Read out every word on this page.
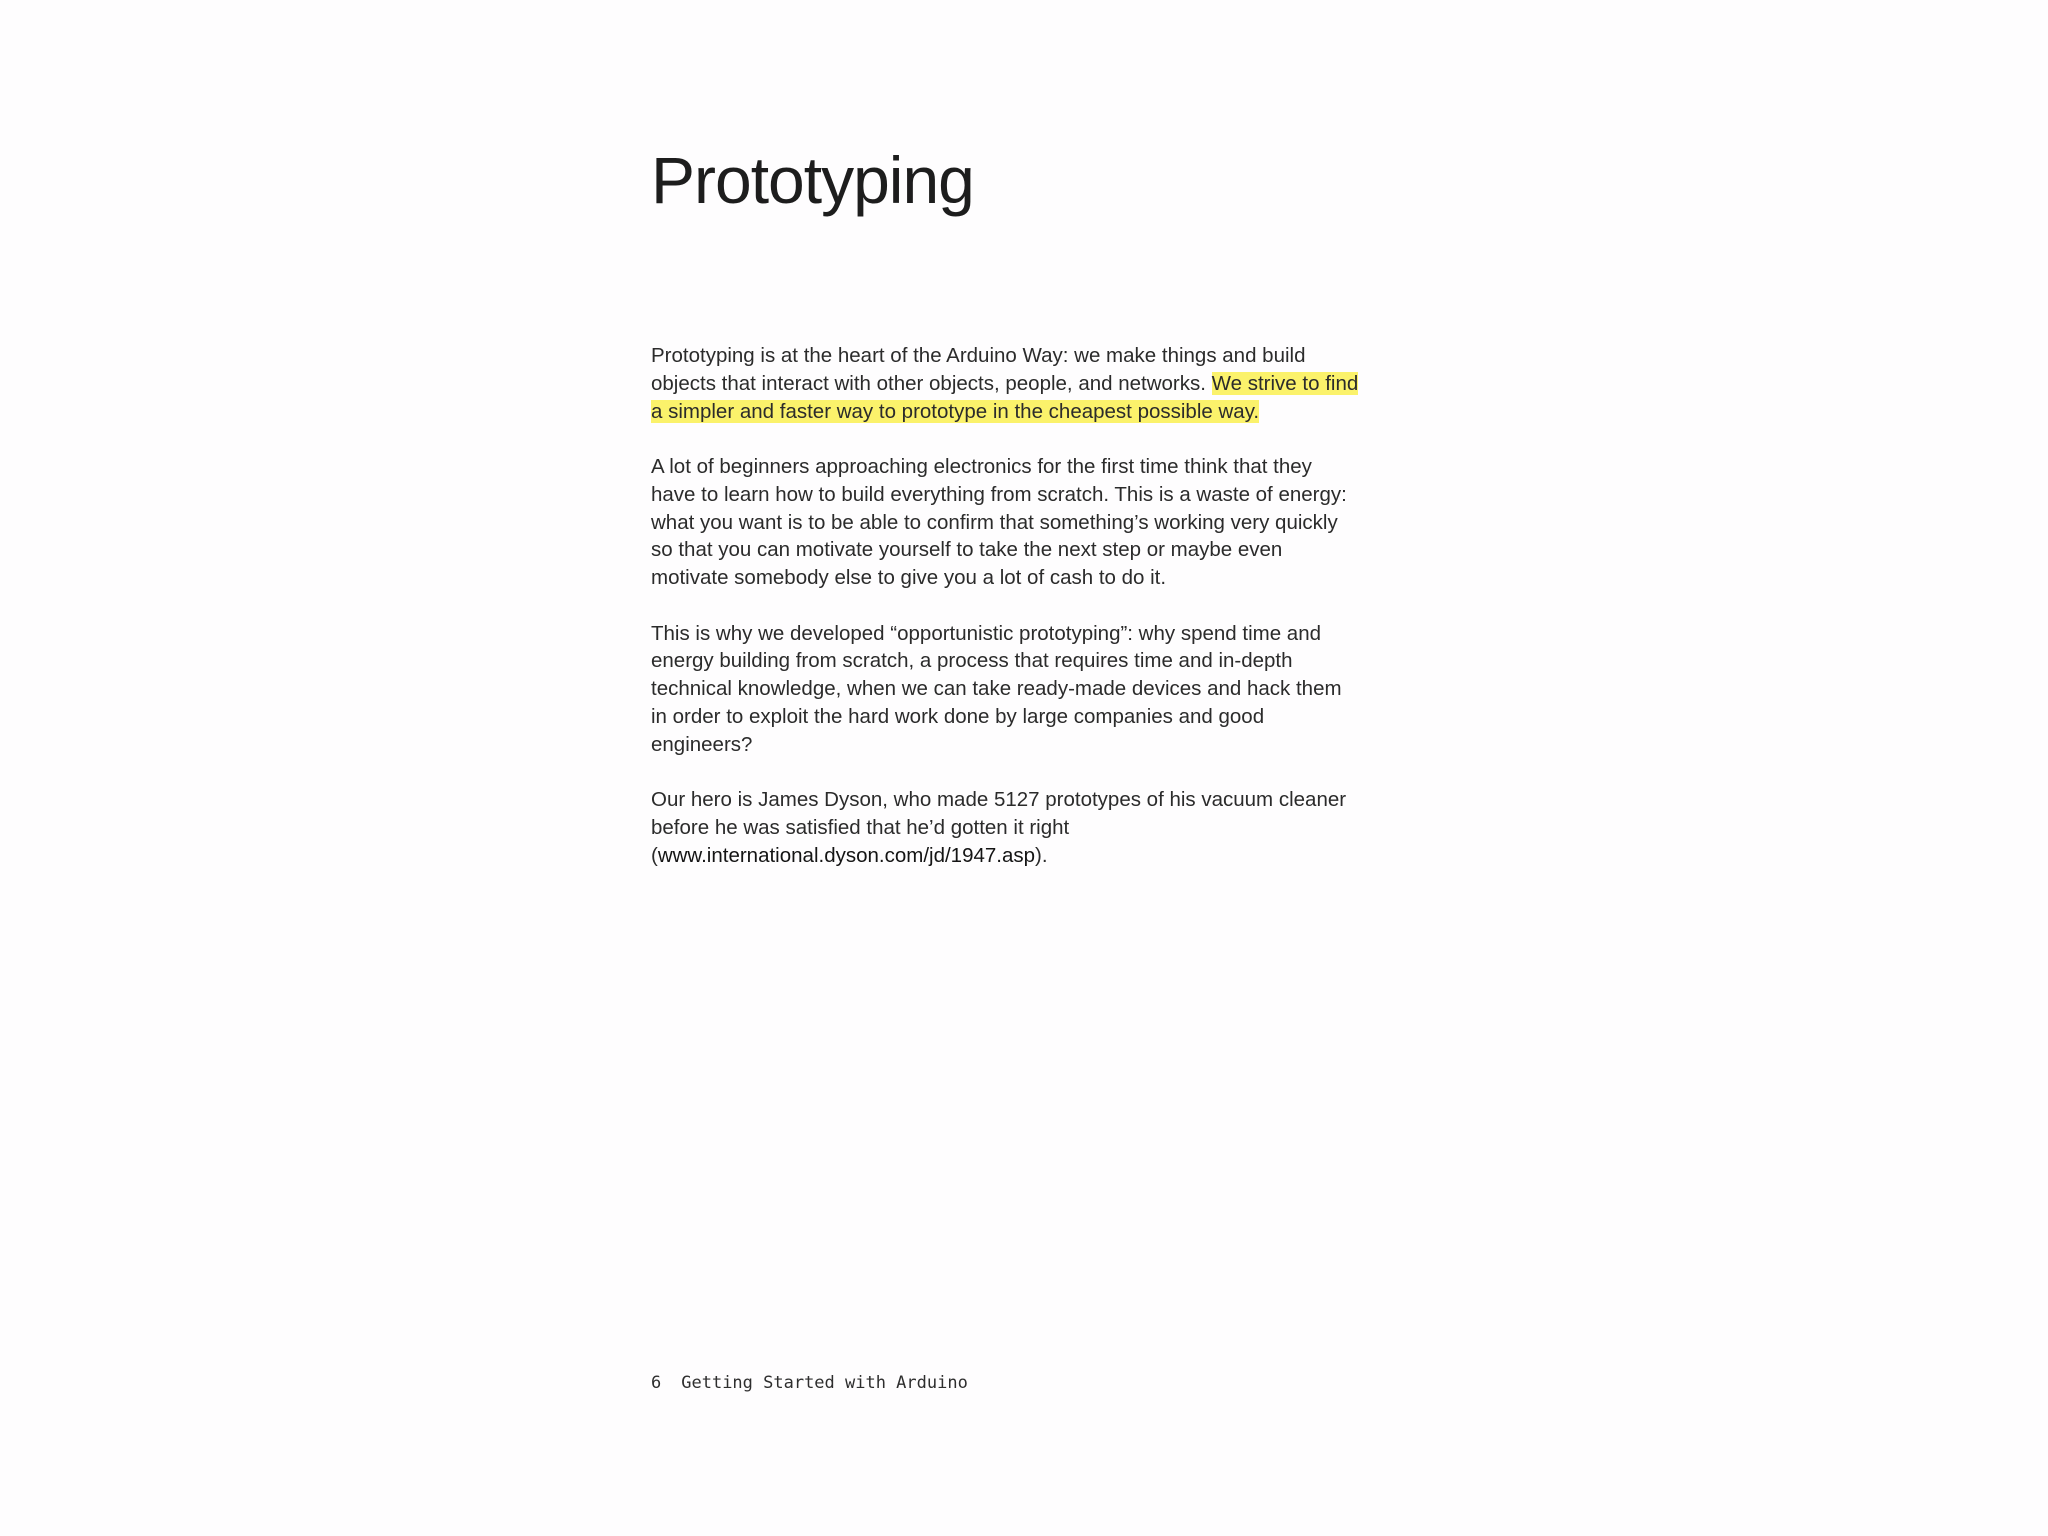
Prototyping

Prototyping is at the heart of the Arduino Way: we make things and build objects that interact with other objects, people, and networks. We strive to find a simpler and faster way to prototype in the cheapest possible way.

A lot of beginners approaching electronics for the first time think that they have to learn how to build everything from scratch. This is a waste of energy: what you want is to be able to confirm that something’s working very quickly so that you can motivate yourself to take the next step or maybe even motivate somebody else to give you a lot of cash to do it.

This is why we developed “opportunistic prototyping”: why spend time and energy building from scratch, a process that requires time and in-depth technical knowledge, when we can take ready-made devices and hack them in order to exploit the hard work done by large companies and good engineers?

Our hero is James Dyson, who made 5127 prototypes of his vacuum cleaner before he was satisfied that he’d gotten it right (www.international.dyson.com/jd/1947.asp).

6 Getting Started with Arduino
